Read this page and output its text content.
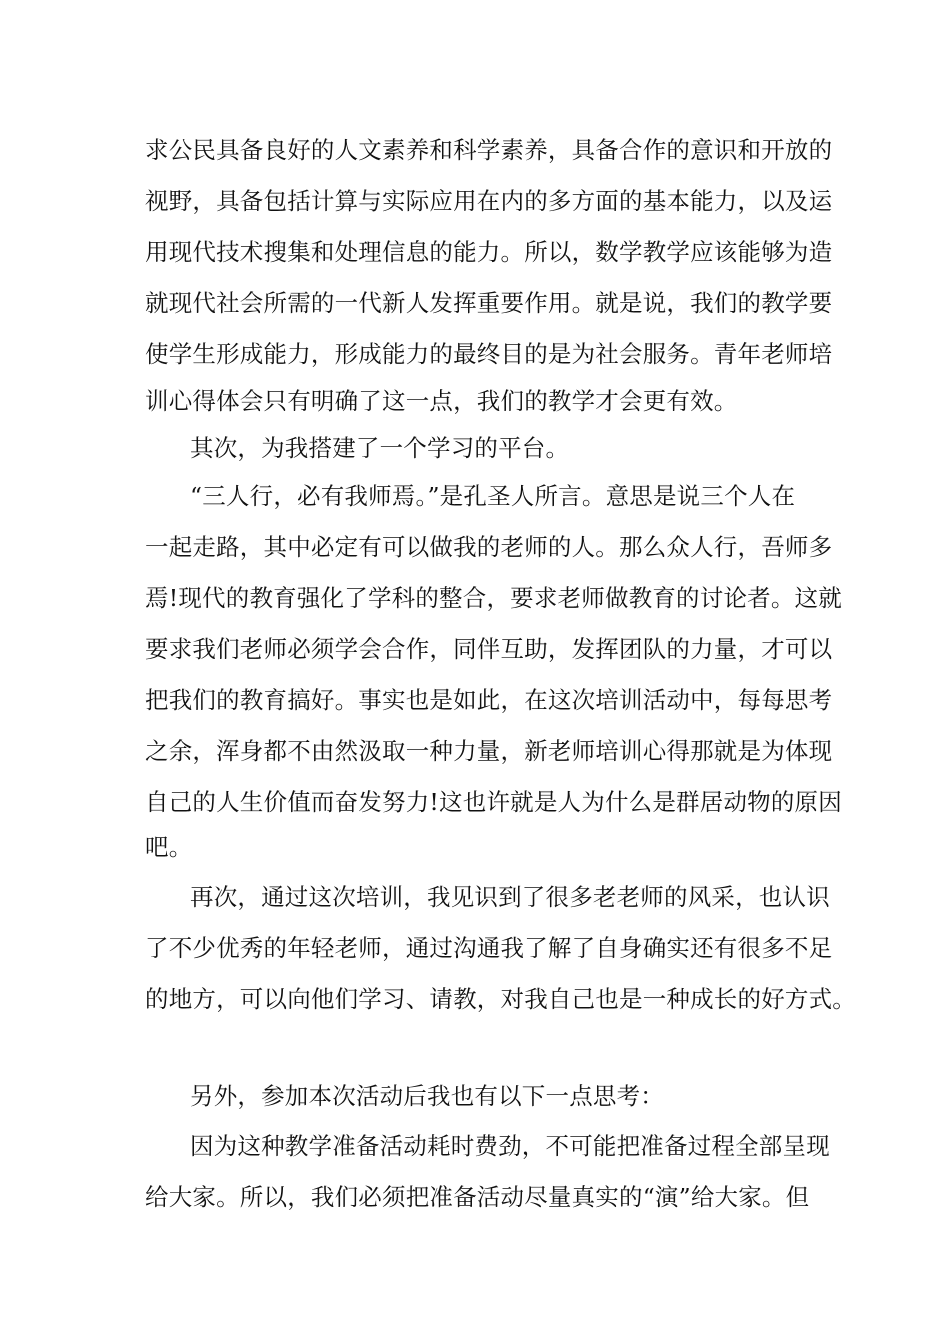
求公民具备良好的人文素养和科学素养，具备合作的意识和开放的
视野，具备包括计算与实际应用在内的多方面的基本能力，以及运
用现代技术搜集和处理信息的能力。所以，数学教学应该能够为造
就现代社会所需的一代新人发挥重要作用。就是说，我们的教学要
使学生形成能力，形成能力的最终目的是为社会服务。青年老师培
训心得体会只有明确了这一点，我们的教学才会更有效。
其次，为我搭建了一个学习的平台。
“三人行，必有我师焉。”是孔圣人所言。意思是说三个人在
一起走路，其中必定有可以做我的老师的人。那么众人行，吾师多
焉!现代的教育强化了学科的整合，要求老师做教育的讨论者。这就
要求我们老师必须学会合作，同伴互助，发挥团队的力量，才可以
把我们的教育搞好。事实也是如此，在这次培训活动中，每每思考
之余，浑身都不由然汲取一种力量，新老师培训心得那就是为体现
自己的人生价值而奋发努力!这也许就是人为什么是群居动物的原因
吧。
再次，通过这次培训，我见识到了很多老老师的风采，也认识
了不少优秀的年轻老师，通过沟通我了解了自身确实还有很多不足
的地方，可以向他们学习、请教，对我自己也是一种成长的好方式。
另外，参加本次活动后我也有以下一点思考：
因为这种教学准备活动耗时费劲，不可能把准备过程全部呈现
给大家。所以，我们必须把准备活动尽量真实的“演”给大家。但
